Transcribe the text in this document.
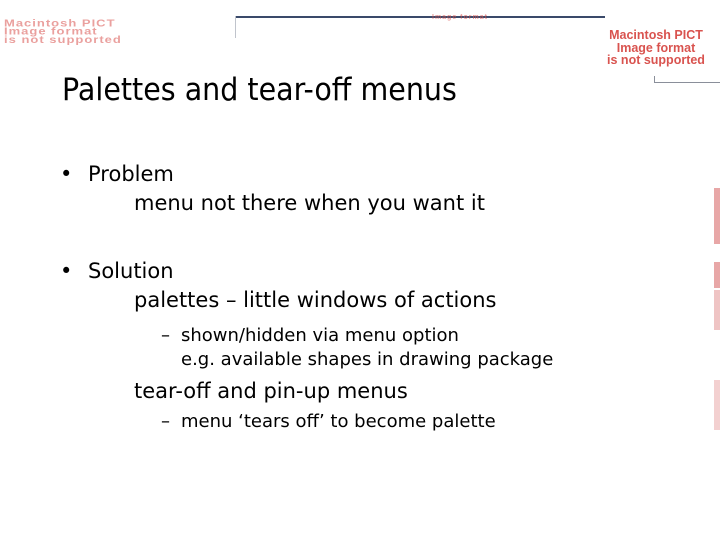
Macintosh PICT
Image format
is not supported
Image format
Macintosh PICT
Image format
is not supported
Palettes and tear-off menus
• Problem
menu not there when you want it
• Solution
palettes – little windows of actions
– shown/hidden via menu option
e.g. available shapes in drawing package
tear-off and pin-up menus
– menu ‘tears off’ to become palette
